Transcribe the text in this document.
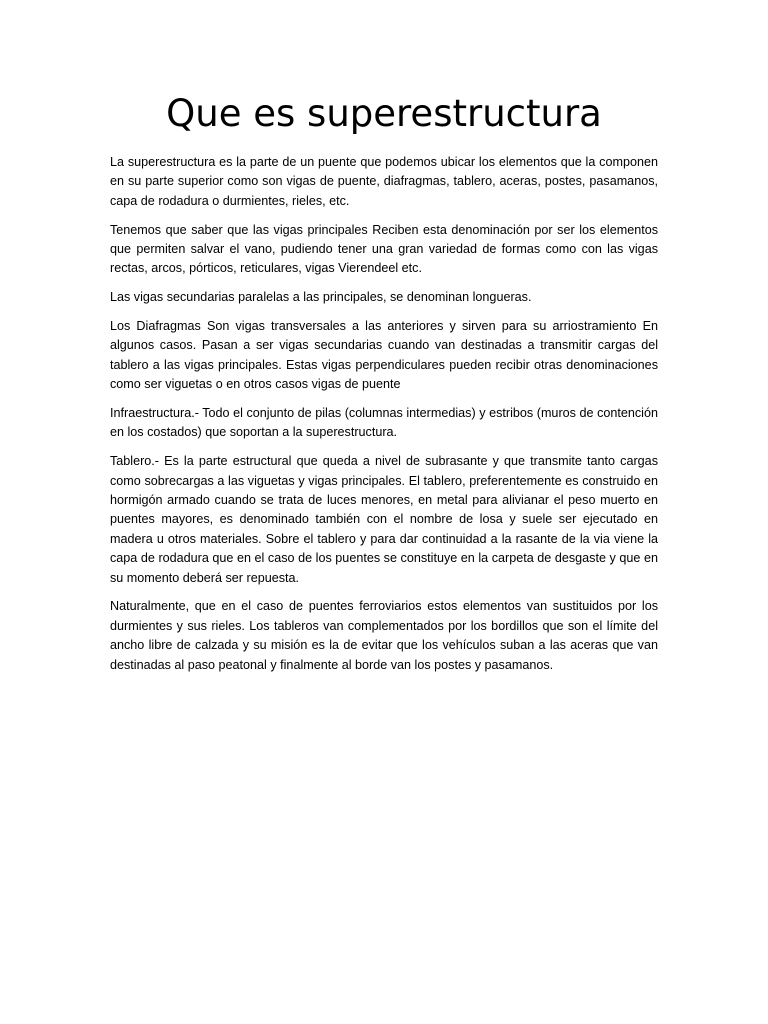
Que es superestructura

La superestructura es la parte de un puente que podemos ubicar los elementos que la componen en su parte superior como son vigas de puente, diafragmas, tablero, aceras, postes, pasamanos, capa de rodadura o durmientes, rieles, etc.

Tenemos que saber que las vigas principales Reciben esta denominación por ser los elementos que permiten salvar el vano, pudiendo tener una gran variedad de formas como con las vigas rectas, arcos, pórticos, reticulares, vigas Vierendeel etc.

Las vigas secundarias paralelas a las principales, se denominan longueras.

Los Diafragmas Son vigas transversales a las anteriores y sirven para su arriostramiento En algunos casos. Pasan a ser vigas secundarias cuando van destinadas a transmitir cargas del tablero a las vigas principales. Estas vigas perpendiculares pueden recibir otras denominaciones como ser viguetas o en otros casos vigas de puente

Infraestructura.- Todo el conjunto de pilas (columnas intermedias) y estribos (muros de contención en los costados) que soportan a la superestructura.

Tablero.- Es la parte estructural que queda a nivel de subrasante y que transmite tanto cargas como sobrecargas a las viguetas y vigas principales. El tablero, preferentemente es construido en hormigón armado cuando se trata de luces menores, en metal para alivianar el peso muerto en puentes mayores, es denominado también con el nombre de losa y suele ser ejecutado en madera u otros materiales. Sobre el tablero y para dar continuidad a la rasante de la via viene la capa de rodadura que en el caso de los puentes se constituye en la carpeta de desgaste y que en su momento deberá ser repuesta.

Naturalmente, que en el caso de puentes ferroviarios estos elementos van sustituidos por los durmientes y sus rieles. Los tableros van complementados por los bordillos que son el límite del ancho libre de calzada y su misión es la de evitar que los vehículos suban a las aceras que van destinadas al paso peatonal y finalmente al borde van los postes y pasamanos.
